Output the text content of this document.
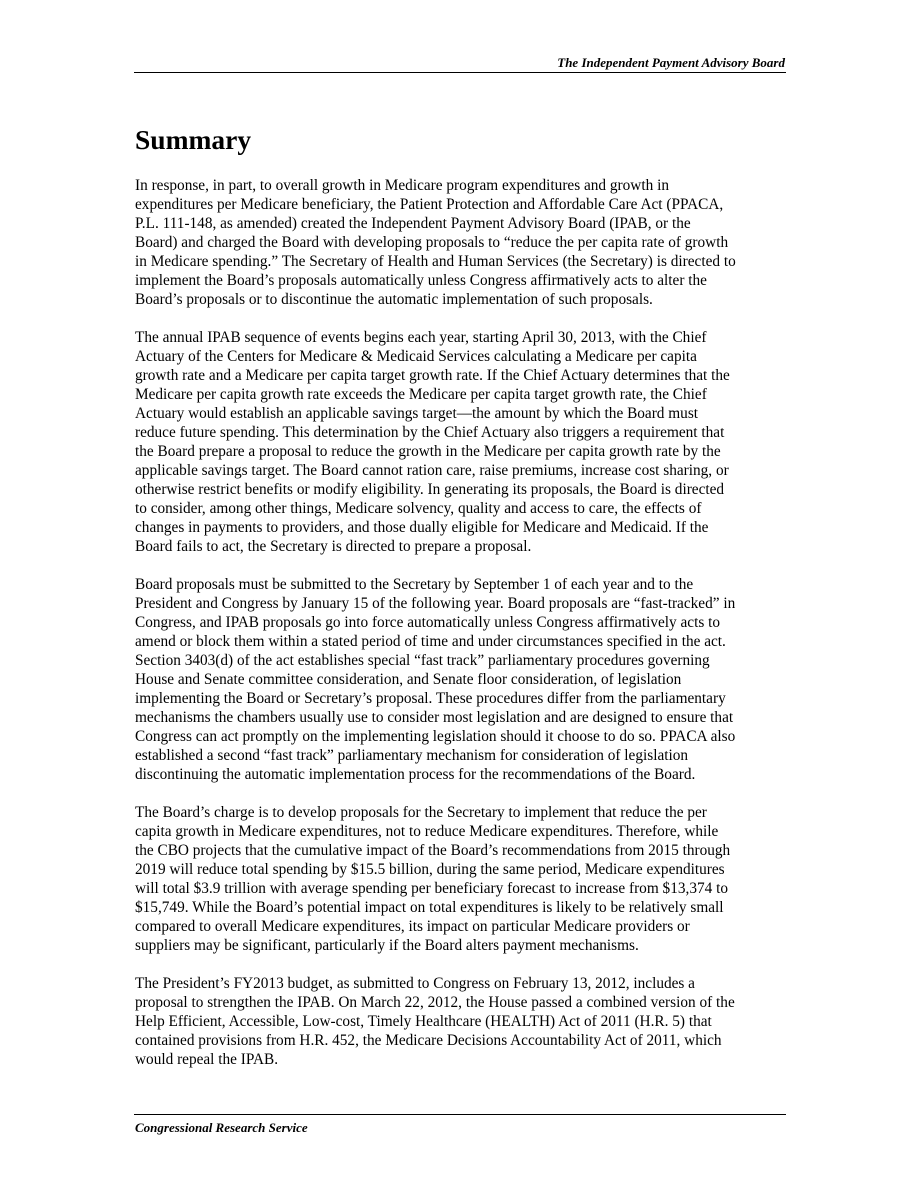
The Independent Payment Advisory Board
Summary

In response, in part, to overall growth in Medicare program expenditures and growth in
expenditures per Medicare beneficiary, the Patient Protection and Affordable Care Act (PPACA,
P.L. 111-148, as amended) created the Independent Payment Advisory Board (IPAB, or the
Board) and charged the Board with developing proposals to “reduce the per capita rate of growth
in Medicare spending.” The Secretary of Health and Human Services (the Secretary) is directed to
implement the Board’s proposals automatically unless Congress affirmatively acts to alter the
Board’s proposals or to discontinue the automatic implementation of such proposals.

The annual IPAB sequence of events begins each year, starting April 30, 2013, with the Chief
Actuary of the Centers for Medicare & Medicaid Services calculating a Medicare per capita
growth rate and a Medicare per capita target growth rate. If the Chief Actuary determines that the
Medicare per capita growth rate exceeds the Medicare per capita target growth rate, the Chief
Actuary would establish an applicable savings target—the amount by which the Board must
reduce future spending. This determination by the Chief Actuary also triggers a requirement that
the Board prepare a proposal to reduce the growth in the Medicare per capita growth rate by the
applicable savings target. The Board cannot ration care, raise premiums, increase cost sharing, or
otherwise restrict benefits or modify eligibility. In generating its proposals, the Board is directed
to consider, among other things, Medicare solvency, quality and access to care, the effects of
changes in payments to providers, and those dually eligible for Medicare and Medicaid. If the
Board fails to act, the Secretary is directed to prepare a proposal.

Board proposals must be submitted to the Secretary by September 1 of each year and to the
President and Congress by January 15 of the following year. Board proposals are “fast-tracked” in
Congress, and IPAB proposals go into force automatically unless Congress affirmatively acts to
amend or block them within a stated period of time and under circumstances specified in the act.
Section 3403(d) of the act establishes special “fast track” parliamentary procedures governing
House and Senate committee consideration, and Senate floor consideration, of legislation
implementing the Board or Secretary’s proposal. These procedures differ from the parliamentary
mechanisms the chambers usually use to consider most legislation and are designed to ensure that
Congress can act promptly on the implementing legislation should it choose to do so. PPACA also
established a second “fast track” parliamentary mechanism for consideration of legislation
discontinuing the automatic implementation process for the recommendations of the Board.

The Board’s charge is to develop proposals for the Secretary to implement that reduce the per
capita growth in Medicare expenditures, not to reduce Medicare expenditures. Therefore, while
the CBO projects that the cumulative impact of the Board’s recommendations from 2015 through
2019 will reduce total spending by $15.5 billion, during the same period, Medicare expenditures
will total $3.9 trillion with average spending per beneficiary forecast to increase from $13,374 to
$15,749. While the Board’s potential impact on total expenditures is likely to be relatively small
compared to overall Medicare expenditures, its impact on particular Medicare providers or
suppliers may be significant, particularly if the Board alters payment mechanisms.

The President’s FY2013 budget, as submitted to Congress on February 13, 2012, includes a
proposal to strengthen the IPAB. On March 22, 2012, the House passed a combined version of the
Help Efficient, Accessible, Low-cost, Timely Healthcare (HEALTH) Act of 2011 (H.R. 5) that
contained provisions from H.R. 452, the Medicare Decisions Accountability Act of 2011, which
would repeal the IPAB.

Congressional Research Service
